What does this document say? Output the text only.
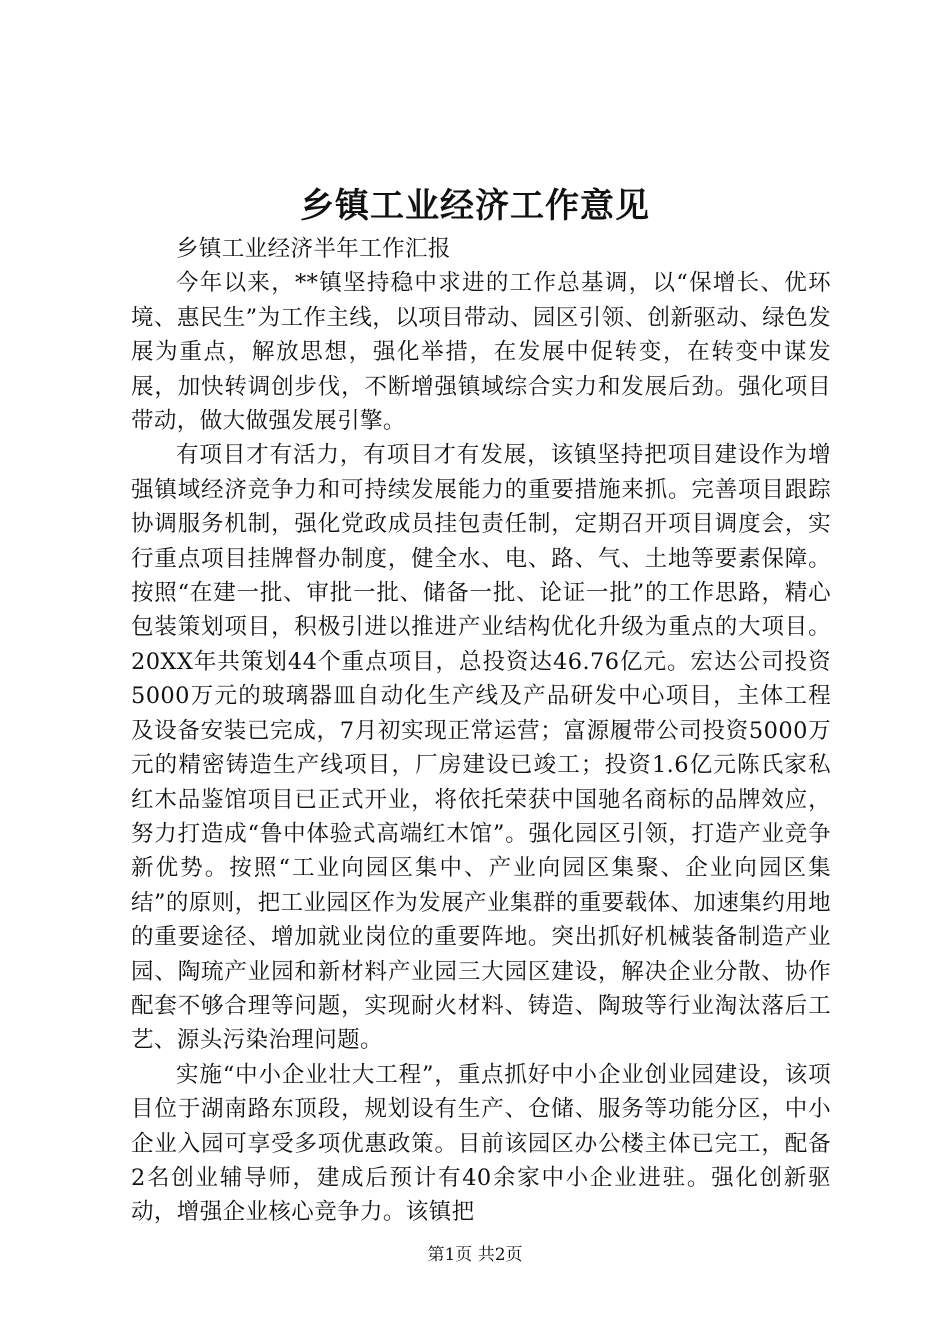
乡镇工业经济工作意见

乡镇工业经济半年工作汇报

今年以来，**镇坚持稳中求进的工作总基调，以“保增长、优环境、惠民生”为工作主线，以项目带动、园区引领、创新驱动、绿色发展为重点，解放思想，强化举措，在发展中促转变，在转变中谋发展，加快转调创步伐，不断增强镇域综合实力和发展后劲。强化项目带动，做大做强发展引擎。

有项目才有活力，有项目才有发展，该镇坚持把项目建设作为增强镇域经济竞争力和可持续发展能力的重要措施来抓。完善项目跟踪协调服务机制，强化党政成员挂包责任制，定期召开项目调度会，实行重点项目挂牌督办制度，健全水、电、路、气、土地等要素保障。按照“在建一批、审批一批、储备一批、论证一批”的工作思路，精心包装策划项目，积极引进以推进产业结构优化升级为重点的大项目。20XX年共策划44个重点项目，总投资达46.76亿元。宏达公司投资5000万元的玻璃器皿自动化生产线及产品研发中心项目，主体工程及设备安装已完成，7月初实现正常运营；富源履带公司投资5000万元的精密铸造生产线项目，厂房建设已竣工；投资1.6亿元陈氏家私红木品鉴馆项目已正式开业，将依托荣获中国驰名商标的品牌效应，努力打造成“鲁中体验式高端红木馆”。强化园区引领，打造产业竞争新优势。按照“工业向园区集中、产业向园区集聚、企业向园区集结”的原则，把工业园区作为发展产业集群的重要载体、加速集约用地的重要途径、增加就业岗位的重要阵地。突出抓好机械装备制造产业园、陶琉产业园和新材料产业园三大园区建设，解决企业分散、协作配套不够合理等问题，实现耐火材料、铸造、陶玻等行业淘汰落后工艺、源头污染治理问题。

实施“中小企业壮大工程”，重点抓好中小企业创业园建设，该项目位于湖南路东顶段，规划设有生产、仓储、服务等功能分区，中小企业入园可享受多项优惠政策。目前该园区办公楼主体已完工，配备2名创业辅导师，建成后预计有40余家中小企业进驻。强化创新驱动，增强企业核心竞争力。该镇把

第1页 共2页
